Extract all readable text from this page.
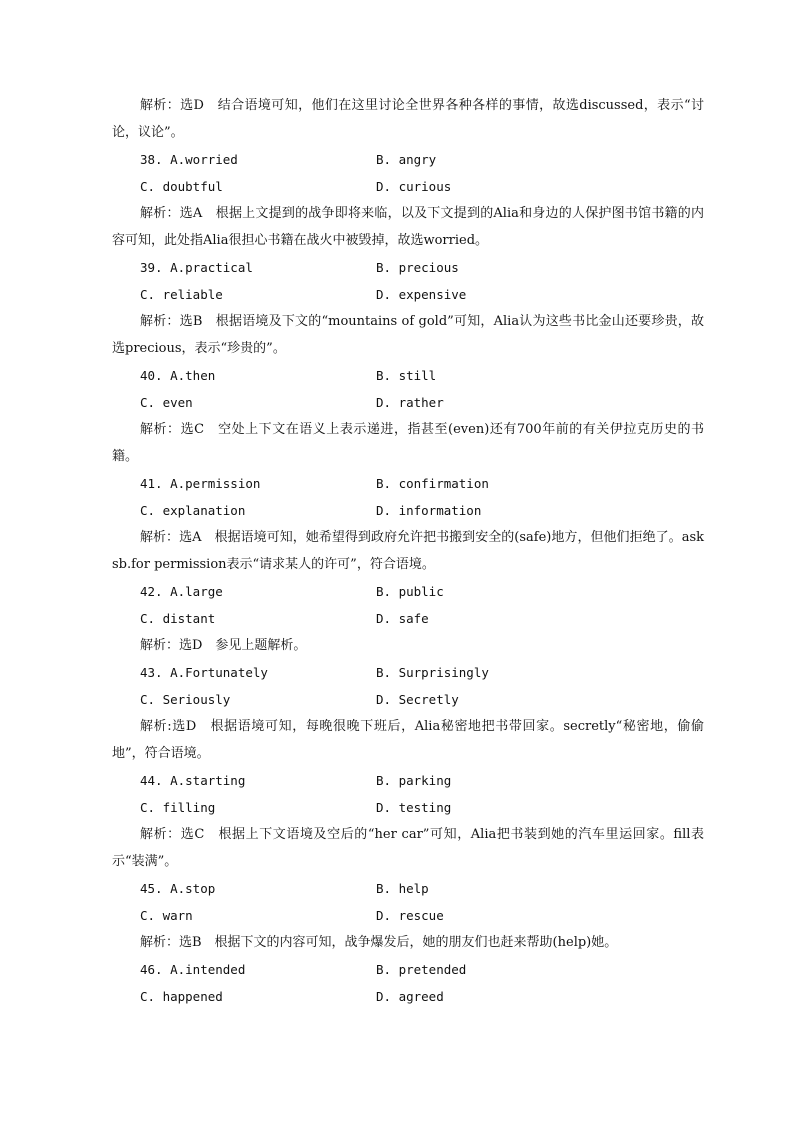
解析：选D　结合语境可知，他们在这里讨论全世界各种各样的事情，故选discussed，表示“讨论，议论”。

38. A.worried	B. angry
C. doubtful	D. curious

解析：选A　根据上文提到的战争即将来临，以及下文提到的Alia和身边的人保护图书馆书籍的内容可知，此处指Alia很担心书籍在战火中被毁掉，故选worried。

39. A.practical	B. precious
C. reliable	D. expensive

解析：选B　根据语境及下文的“mountains of gold”可知，Alia认为这些书比金山还要珍贵，故选precious，表示“珍贵的”。

40. A.then	B. still
C. even	D. rather

解析：选C　空处上下文在语义上表示递进，指甚至(even)还有700年前的有关伊拉克历史的书籍。

41. A.permission	B. confirmation
C. explanation	D. information

解析：选A　根据语境可知，她希望得到政府允许把书搬到安全的(safe)地方，但他们拒绝了。ask sb.for permission表示“请求某人的许可”，符合语境。

42. A.large	B. public
C. distant	D. safe

解析：选D　参见上题解析。

43. A.Fortunately	B. Surprisingly
C. Seriously	D. Secretly

解析:选D　根据语境可知，每晚很晚下班后，Alia秘密地把书带回家。secretly“秘密地，偷偷地”，符合语境。

44. A.starting	B. parking
C. filling	D. testing

解析：选C　根据上下文语境及空后的“her car”可知，Alia把书装到她的汽车里运回家。fill表示“装满”。

45. A.stop	B. help
C. warn	D. rescue

解析：选B　根据下文的内容可知，战争爆发后，她的朋友们也赶来帮助(help)她。

46. A.intended	B. pretended
C. happened	D. agreed
